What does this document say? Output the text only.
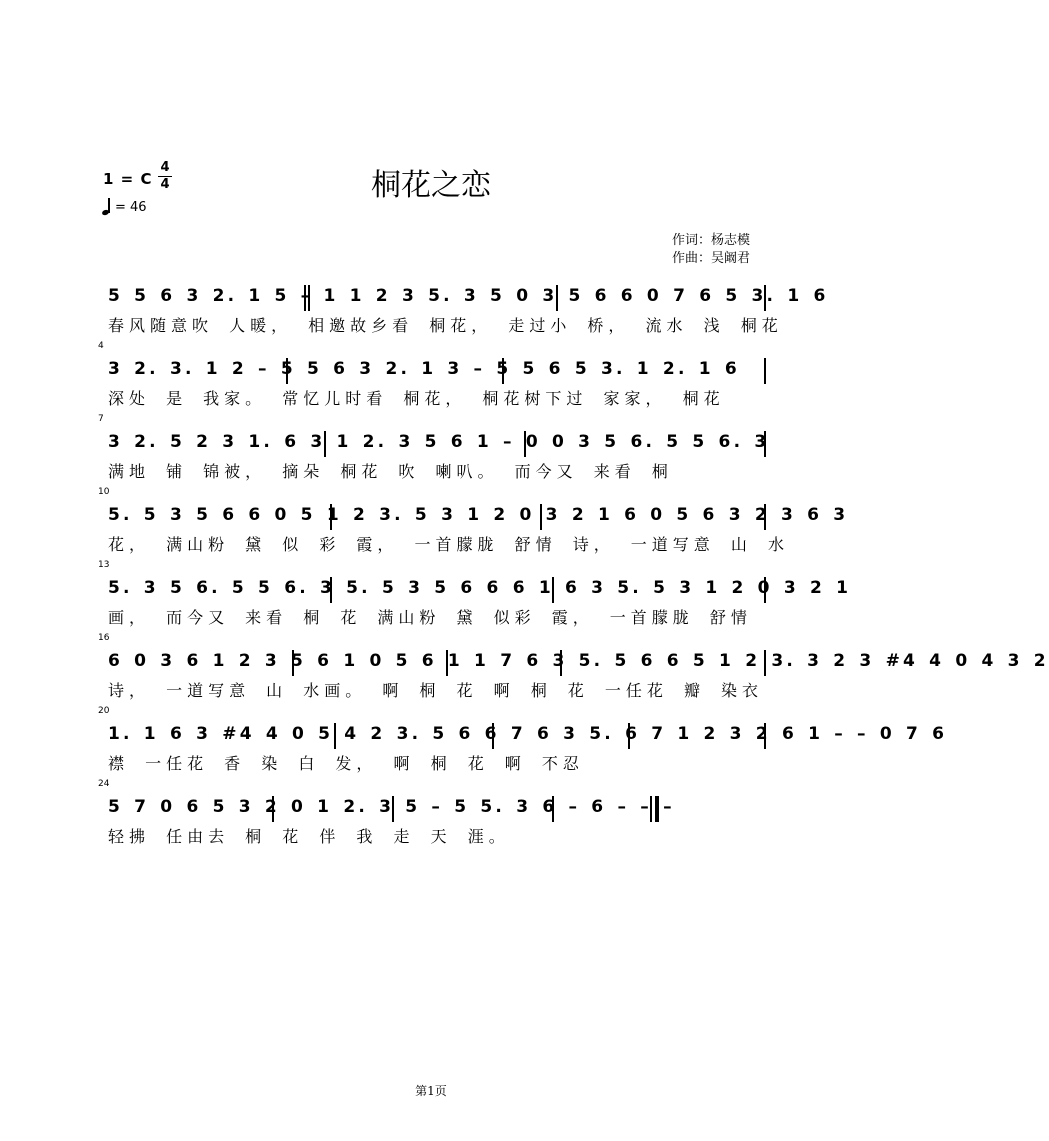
1 = C
4
4
= 46
桐花之恋
作词：杨志模
作曲：吴阚君
5 5 6 3 2. 1 5 – 1 1 2 3 5. 3 5 0 3 5 6 6 0 7 6 5 3. 1 6
春风随意吹 人暖， 相邀故乡看 桐花， 走过小 桥， 流水 浅 桐花
4
3 2. 3. 1 2 – 5 5 6 3 2. 1 3 – 5 5 6 5 3. 1 2. 1 6
深处 是 我家。 常忆儿时看 桐花， 桐花树下过 家家， 桐花
7
3 2. 5 2 3 1. 6 3 1 2. 3 5 6 1 – 0 0 3 5 6. 5 5 6. 3
满地 铺 锦被， 摘朵 桐花 吹 喇叭。 而今又 来看 桐
10
5. 5 3 5 6 6 0 5 1 2 3. 5 3 1 2 0 3 2 1 6 0 5 6 3 2 3 6 3
花， 满山粉 黛 似 彩 霞， 一首朦胧 舒情 诗， 一道写意 山 水
13
5. 3 5 6. 5 5 6. 3 5. 5 3 5 6 6 6 1 6 3 5. 5 3 1 2 0 3 2 1
画， 而今又 来看 桐 花 满山粉 黛 似彩 霞， 一首朦胧 舒情
16
6 0 3 6 1 2 3 5 6 1 0 5 6 1 1 7 6 3 5. 5 6 6 5 1 2 3. 3 2 3 #4 4 0 4 3 2
诗， 一道写意 山 水画。 啊 桐 花 啊 桐 花 一任花 瓣 染衣
20
1. 1 6 3 #4 4 0 5 4 2 3. 5 6 6 7 6 3 5. 6 7 1 2 3 2 6 1 – – 0 7 6
襟 一任花 香 染 白 发， 啊 桐 花 啊 不忍
24
5 7 0 6 5 3 2 0 1 2. 3 5 – 5 5. 3 6 – 6 – – –
轻拂 任由去 桐 花 伴 我 走 天 涯。
第1页
